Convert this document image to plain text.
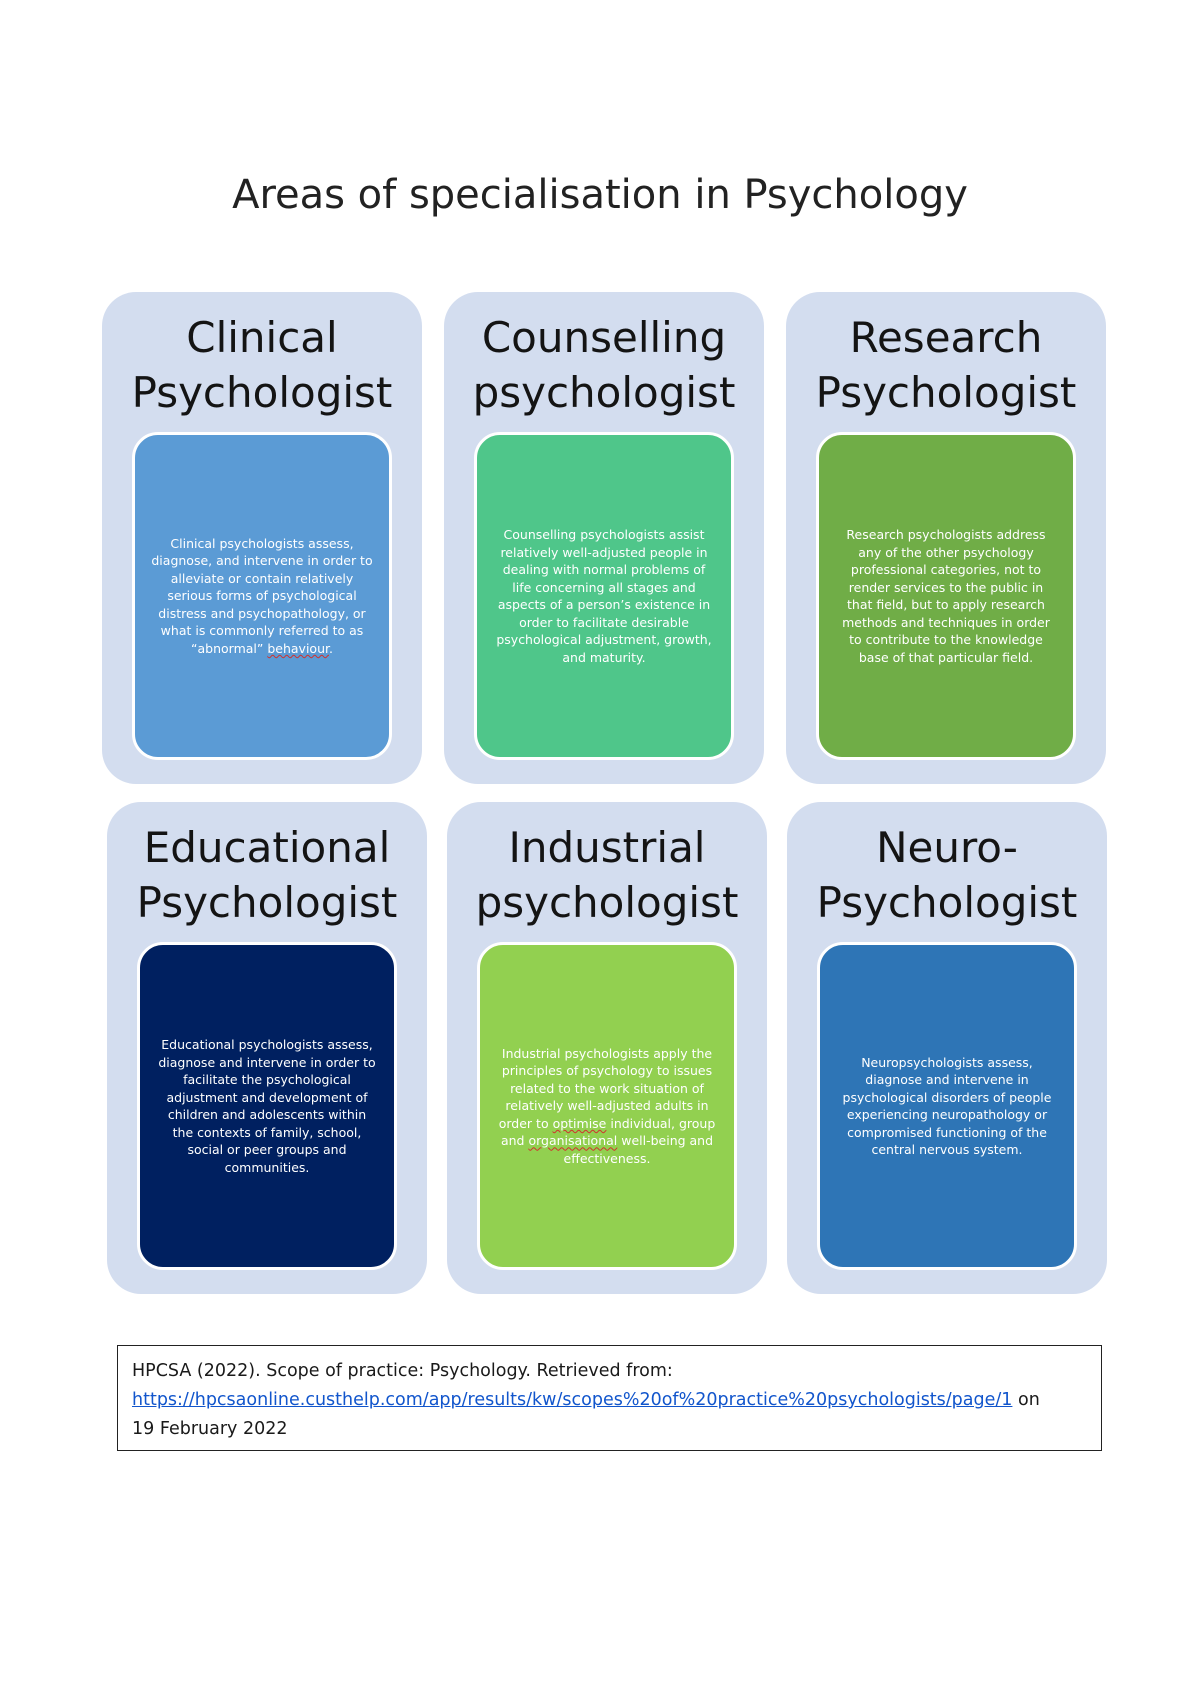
Areas of specialisation in Psychology
Clinical
Psychologist
Clinical psychologists assess, diagnose, and intervene in order to alleviate or contain relatively serious forms of psychological distress and psychopathology, or what is commonly referred to as “abnormal” behaviour.
Counselling
psychologist
Counselling psychologists assist relatively well-adjusted people in dealing with normal problems of life concerning all stages and aspects of a person’s existence in order to facilitate desirable psychological adjustment, growth, and maturity.
Research
Psychologist
Research psychologists address any of the other psychology professional categories, not to render services to the public in that field, but to apply research methods and techniques in order to contribute to the knowledge base of that particular field.
Educational
Psychologist
Educational psychologists assess, diagnose and intervene in order to facilitate the psychological adjustment and development of children and adolescents within the contexts of family, school, social or peer groups and communities.
Industrial
psychologist
Industrial psychologists apply the principles of psychology to issues related to the work situation of relatively well-adjusted adults in order to optimise individual, group and organisational well-being and effectiveness.
Neuro-
Psychologist
Neuropsychologists assess, diagnose and intervene in psychological disorders of people experiencing neuropathology or compromised functioning of the central nervous system.
HPCSA (2022). Scope of practice: Psychology. Retrieved from:
https://hpcsaonline.custhelp.com/app/results/kw/scopes%20of%20practice%20psychologists/page/1 on
19 February 2022
